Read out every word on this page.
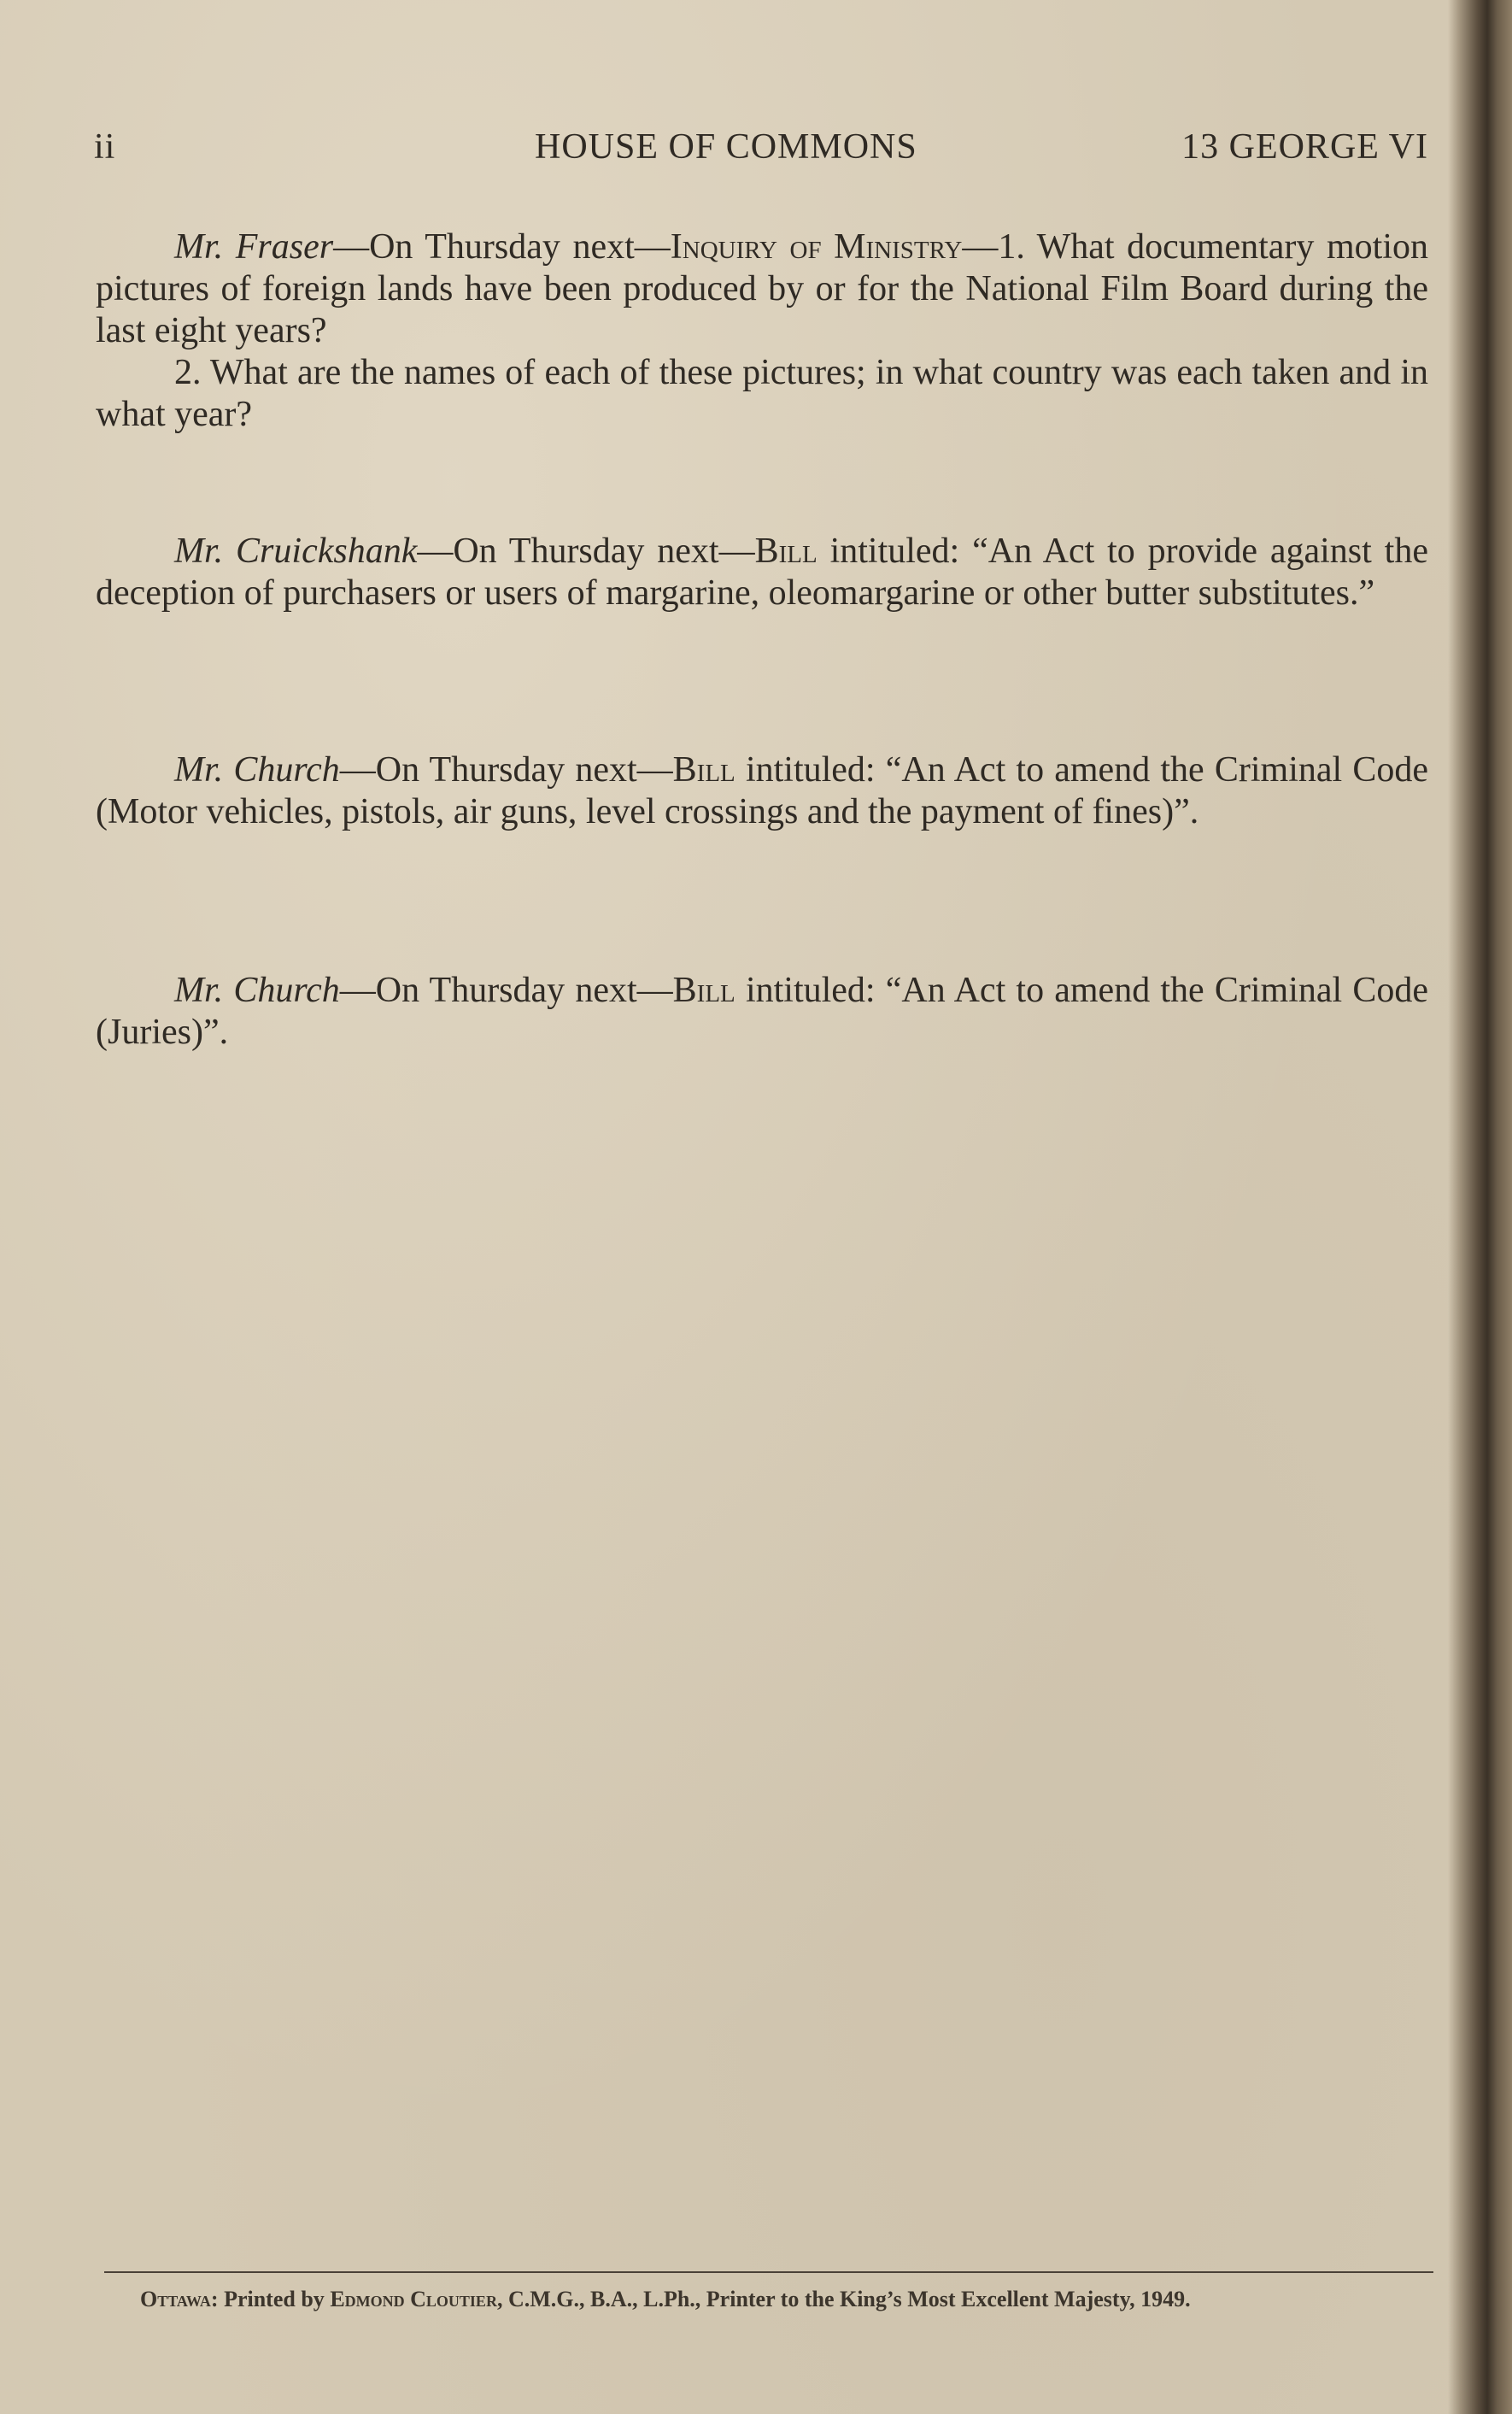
ii	HOUSE OF COMMONS	13 GEORGE VI

Mr. Fraser—On Thursday next—Inquiry of Ministry—1. What documentary motion pictures of foreign lands have been produced by or for the National Film Board during the last eight years?

2. What are the names of each of these pictures; in what country was each taken and in what year?

Mr. Cruickshank—On Thursday next—Bill intituled: “An Act to provide against the deception of purchasers or users of margarine, oleomargarine or other butter substitutes.”

Mr. Church—On Thursday next—Bill intituled: “An Act to amend the Criminal Code (Motor vehicles, pistols, air guns, level crossings and the payment of fines)”.

Mr. Church—On Thursday next—Bill intituled: “An Act to amend the Criminal Code (Juries)”.

Ottawa: Printed by Edmond Cloutier, C.M.G., B.A., L.Ph., Printer to the King’s Most Excellent Majesty, 1949.
